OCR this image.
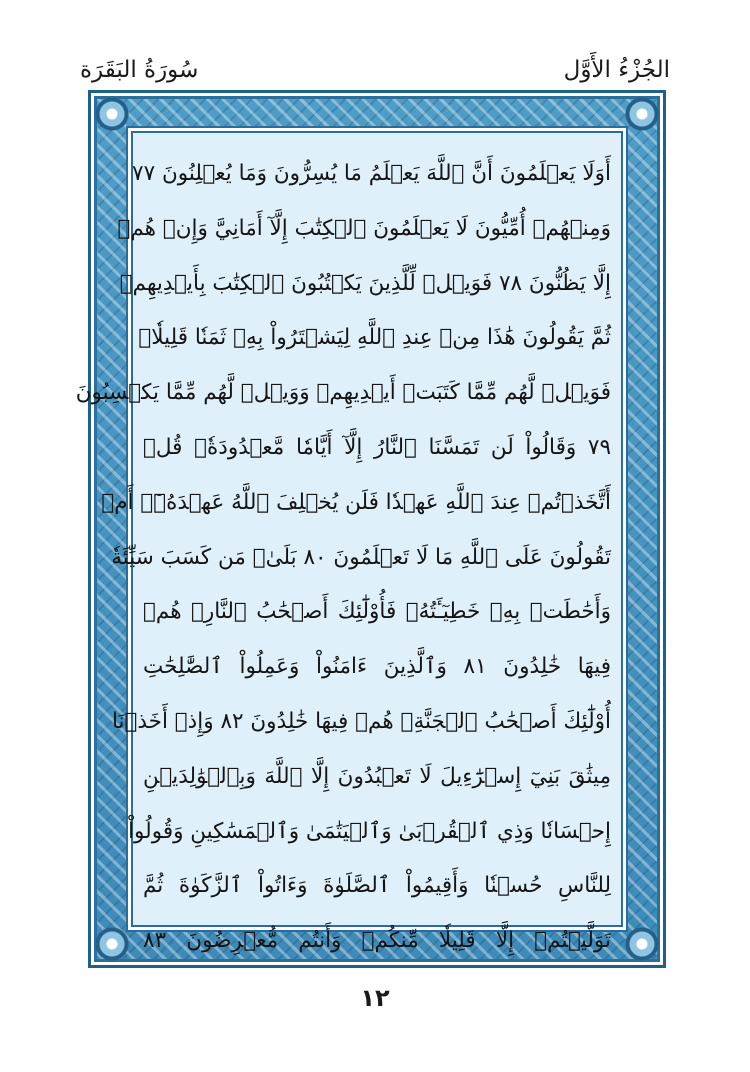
الجُزْءُ الأَوَّل
سُورَةُ البَقَرَة
أَوَلَا يَعۡلَمُونَ أَنَّ ٱللَّهَ يَعۡلَمُ مَا يُسِرُّونَ وَمَا يُعۡلِنُونَ ٧٧
وَمِنۡهُمۡ أُمِّيُّونَ لَا يَعۡلَمُونَ ٱلۡكِتَٰبَ إِلَّآ أَمَانِيَّ وَإِنۡ هُمۡ
إِلَّا يَظُنُّونَ ٧٨ فَوَيۡلٞ لِّلَّذِينَ يَكۡتُبُونَ ٱلۡكِتَٰبَ بِأَيۡدِيهِمۡ
ثُمَّ يَقُولُونَ هَٰذَا مِنۡ عِندِ ٱللَّهِ لِيَشۡتَرُواْ بِهِۦ ثَمَنٗا قَلِيلٗاۖ
فَوَيۡلٞ لَّهُم مِّمَّا كَتَبَتۡ أَيۡدِيهِمۡ وَوَيۡلٞ لَّهُم مِّمَّا يَكۡسِبُونَ
٧٩ وَقَالُواْ لَن تَمَسَّنَا ٱلنَّارُ إِلَّآ أَيَّامٗا مَّعۡدُودَةٗۚ قُلۡ
أَتَّخَذۡتُمۡ عِندَ ٱللَّهِ عَهۡدٗا فَلَن يُخۡلِفَ ٱللَّهُ عَهۡدَهُۥٓۖ أَمۡ
تَقُولُونَ عَلَى ٱللَّهِ مَا لَا تَعۡلَمُونَ ٨٠ بَلَىٰۚ مَن كَسَبَ سَيِّئَةٗ
وَأَحَٰطَتۡ بِهِۦ خَطِيٓـَٔتُهُۥ فَأُوْلَٰٓئِكَ أَصۡحَٰبُ ٱلنَّارِۖ هُمۡ
فِيهَا خَٰلِدُونَ ٨١ وَٱلَّذِينَ ءَامَنُواْ وَعَمِلُواْ ٱلصَّٰلِحَٰتِ
أُوْلَٰٓئِكَ أَصۡحَٰبُ ٱلۡجَنَّةِۖ هُمۡ فِيهَا خَٰلِدُونَ ٨٢ وَإِذۡ أَخَذۡنَا
مِيثَٰقَ بَنِيٓ إِسۡرَٰٓءِيلَ لَا تَعۡبُدُونَ إِلَّا ٱللَّهَ وَبِٱلۡوَٰلِدَيۡنِ
إِحۡسَانٗا وَذِي ٱلۡقُرۡبَىٰ وَٱلۡيَتَٰمَىٰ وَٱلۡمَسَٰكِينِ وَقُولُواْ
لِلنَّاسِ حُسۡنٗا وَأَقِيمُواْ ٱلصَّلَوٰةَ وَءَاتُواْ ٱلزَّكَوٰةَ ثُمَّ
تَوَلَّيۡتُمۡ إِلَّا قَلِيلٗا مِّنكُمۡ وَأَنتُم مُّعۡرِضُونَ ٨٣
١٢
